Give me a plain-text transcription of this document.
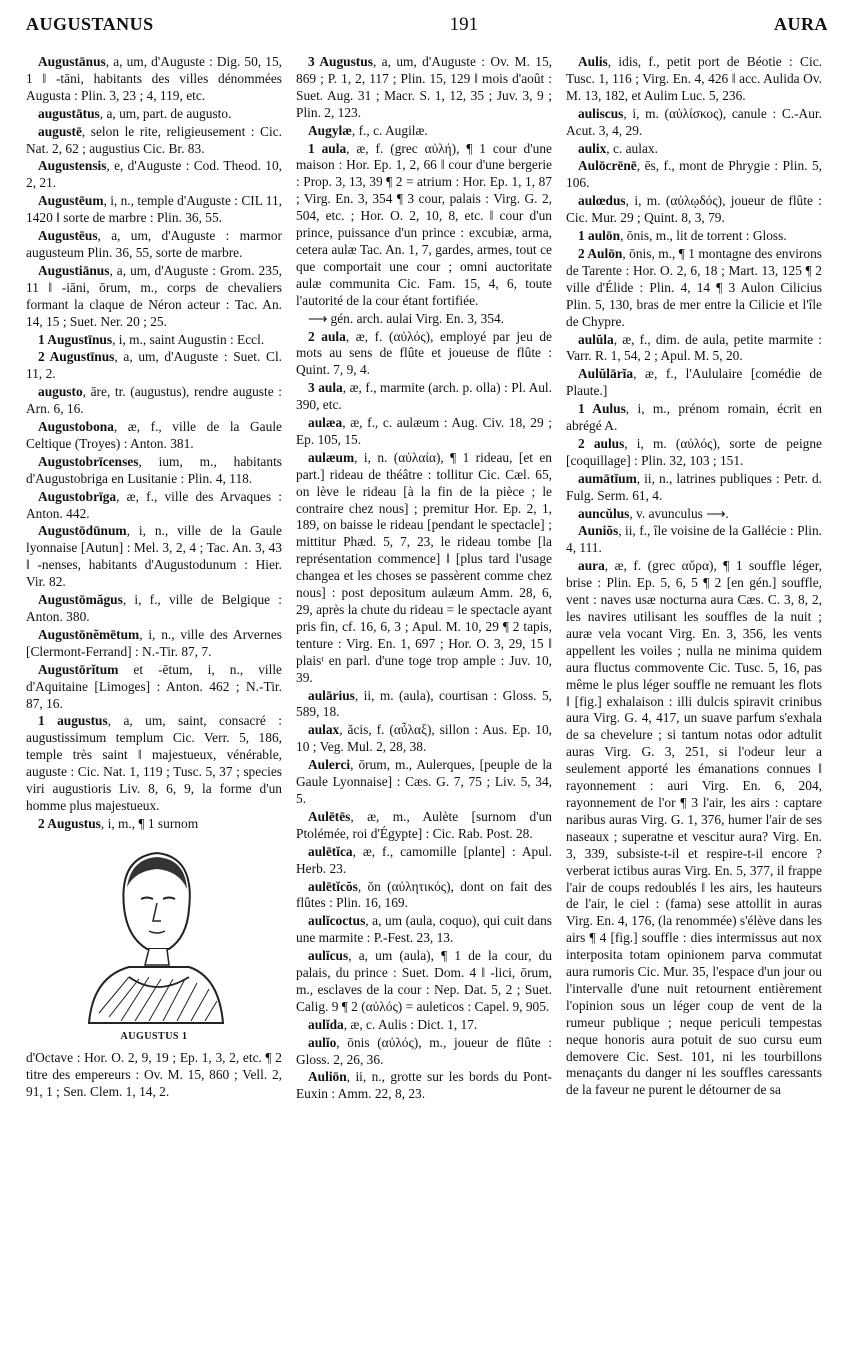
AUGUSTANUS	191	AURA

Augustānus, a, um, d'Auguste : Dig. 50, 15, 1 ‖ -tāni, habitants des villes dénommées Augusta : Plin. 3, 23 ; 4, 119, etc.

augustātus, a, um, part. de augusto.

augustē, selon le rite, religieusement : Cic. Nat. 2, 62 ; augustius Cic. Br. 83.

Augustensis, e, d'Auguste : Cod. Theod. 10, 2, 21.

Augustēum, i, n., temple d'Auguste : CIL 11, 1420 ‖ sorte de marbre : Plin. 36, 55.

Augustēus, a, um, d'Auguste : marmor augusteum Plin. 36, 55, sorte de marbre.

Augustiānus, a, um, d'Auguste : Grom. 235, 11 ‖ -iāni, ōrum, m., corps de chevaliers formant la claque de Néron acteur : Tac. An. 14, 15 ; Suet. Ner. 20 ; 25.

1 Augustīnus, i, m., saint Augustin : Eccl.

2 Augustīnus, a, um, d'Auguste : Suet. Cl. 11, 2.

augusto, āre, tr. (augustus), rendre auguste : Arn. 6, 16.

Augustobona, æ, f., ville de la Gaule Celtique (Troyes) : Anton. 381.

Augustobrīcenses, ium, m., habitants d'Augustobriga en Lusitanie : Plin. 4, 118.

Augustobrīga, æ, f., ville des Arvaques : Anton. 442.

Augustōdūnum, i, n., ville de la Gaule lyonnaise [Autun] : Mel. 3, 2, 4 ; Tac. An. 3, 43 ‖ -nenses, habitants d'Augustodunum : Hier. Vir. 82.

Augustōmăgus, i, f., ville de Belgique : Anton. 380.

Augustōnĕmētum, i, n., ville des Arvernes [Clermont-Ferrand] : N.-Tir. 87, 7.

Augustōrĭtum et -ētum, i, n., ville d'Aquitaine [Limoges] : Anton. 462 ; N.-Tir. 87, 16.

1 augustus, a, um, saint, consacré : augustissimum templum Cic. Verr. 5, 186, temple très saint ‖ majestueux, vénérable, auguste : Cic. Nat. 1, 119 ; Tusc. 5, 37 ; species viri augustioris Liv. 8, 6, 9, la forme d'un homme plus majestueux.

2 Augustus, i, m., ¶ 1 surnom

AUGUSTUS 1

d'Octave : Hor. O. 2, 9, 19 ; Ep. 1, 3, 2, etc. ¶ 2 titre des empereurs : Ov. M. 15, 860 ; Vell. 2, 91, 1 ; Sen. Clem. 1, 14, 2.

3 Augustus, a, um, d'Auguste : Ov. M. 15, 869 ; P. 1, 2, 117 ; Plin. 15, 129 ‖ mois d'août : Suet. Aug. 31 ; Macr. S. 1, 12, 35 ; Juv. 3, 9 ; Plin. 2, 123.

Augylæ, f., c. Augilæ.

1 aula, æ, f. (grec αὐλή), ¶ 1 cour d'une maison : Hor. Ep. 1, 2, 66 ‖ cour d'une bergerie : Prop. 3, 13, 39 ¶ 2 = atrium : Hor. Ep. 1, 1, 87 ; Virg. En. 3, 354 ¶ 3 cour, palais : Virg. G. 2, 504, etc. ; Hor. O. 2, 10, 8, etc. ‖ cour d'un prince, puissance d'un prince : excubiæ, arma, cetera aulæ Tac. An. 1, 7, gardes, armes, tout ce que comportait une cour ; omni auctoritate aulæ communita Cic. Fam. 15, 4, 6, toute l'autorité de la cour étant fortifiée.

⟶ gén. arch. aulai Virg. En. 3, 354.

2 aula, æ, f. (αὐλός), employé par jeu de mots au sens de flûte et joueuse de flûte : Quint. 7, 9, 4.

3 aula, æ, f., marmite (arch. p. olla) : Pl. Aul. 390, etc.

aulæa, æ, f., c. aulæum : Aug. Civ. 18, 29 ; Ep. 105, 15.

aulæum, i, n. (αὐλαία), ¶ 1 rideau, [et en part.] rideau de théâtre : tollitur Cic. Cæl. 65, on lève le rideau [à la fin de la pièce ; le contraire chez nous] ; premitur Hor. Ep. 2, 1, 189, on baisse le rideau [pendant le spectacle] ; mittitur Phæd. 5, 7, 23, le rideau tombe [la représentation commence] ‖ [plus tard l'usage changea et les choses se passèrent comme chez nous] : post depositum aulæum Amm. 28, 6, 29, après la chute du rideau = le spectacle ayant pris fin, cf. 16, 6, 3 ; Apul. M. 10, 29 ¶ 2 tapis, tenture : Virg. En. 1, 697 ; Hor. O. 3, 29, 15 ‖ plaisᵗ en parl. d'une toge trop ample : Juv. 10, 39.

aulārius, ii, m. (aula), courtisan : Gloss. 5, 589, 18.

aulax, ăcis, f. (αὖλαξ), sillon : Aus. Ep. 10, 10 ; Veg. Mul. 2, 28, 38.

Aulerci, ōrum, m., Aulerques, [peuple de la Gaule Lyonnaise] : Cæs. G. 7, 75 ; Liv. 5, 34, 5.

Aulētēs, æ, m., Aulète [surnom d'un Ptolémée, roi d'Égypte] : Cic. Rab. Post. 28.

aulētĭca, æ, f., camomille [plante] : Apul. Herb. 23.

aulētĭcŏs, ŏn (αὐλητικός), dont on fait des flûtes : Plin. 16, 169.

aulĭcoctus, a, um (aula, coquo), qui cuit dans une marmite : P.-Fest. 23, 13.

aulĭcus, a, um (aula), ¶ 1 de la cour, du palais, du prince : Suet. Dom. 4 ‖ -lici, ōrum, m., esclaves de la cour : Nep. Dat. 5, 2 ; Suet. Calig. 9 ¶ 2 (αὐλός) = auleticos : Capel. 9, 905.

aulĭda, æ, c. Aulis : Dict. 1, 17.

aulĭo, ōnis (αὐλός), m., joueur de flûte : Gloss. 2, 26, 36.

Auliōn, ii, n., grotte sur les bords du Pont-Euxin : Amm. 22, 8, 23.

Aulis, idis, f., petit port de Béotie : Cic. Tusc. 1, 116 ; Virg. En. 4, 426 ‖ acc. Aulida Ov. M. 13, 182, et Aulim Luc. 5, 236.

auliscus, i, m. (αὐλίσκος), canule : C.-Aur. Acut. 3, 4, 29.

aulix, c. aulax.

Aulōcrēnē, ēs, f., mont de Phrygie : Plin. 5, 106.

aulœdus, i, m. (αὐλῳδός), joueur de flûte : Cic. Mur. 29 ; Quint. 8, 3, 79.

1 aulōn, ōnis, m., lit de torrent : Gloss.

2 Aulōn, ōnis, m., ¶ 1 montagne des environs de Tarente : Hor. O. 2, 6, 18 ; Mart. 13, 125 ¶ 2 ville d'Élide : Plin. 4, 14 ¶ 3 Aulon Cilicius Plin. 5, 130, bras de mer entre la Cilicie et l'île de Chypre.

aulŭla, æ, f., dim. de aula, petite marmite : Varr. R. 1, 54, 2 ; Apul. M. 5, 20.

Aulŭlārĭa, æ, f., l'Aululaire [comédie de Plaute.]

1 Aulus, i, m., prénom romain, écrit en abrégé A.

2 aulus, i, m. (αὐλός), sorte de peigne [coquillage] : Plin. 32, 103 ; 151.

aumātĭum, ii, n., latrines publiques : Petr. d. Fulg. Serm. 61, 4.

auncŭlus, v. avunculus ⟶.

Auniŏs, ii, f., île voisine de la Gallécie : Plin. 4, 111.

aura, æ, f. (grec αὔρα), ¶ 1 souffle léger, brise : Plin. Ep. 5, 6, 5 ¶ 2 [en gén.] souffle, vent : naves usæ nocturna aura Cæs. C. 3, 8, 2, les navires utilisant les souffles de la nuit ; auræ vela vocant Virg. En. 3, 356, les vents appellent les voiles ; nulla ne minima quidem aura fluctus commovente Cic. Tusc. 5, 16, pas même le plus léger souffle ne remuant les flots ‖ [fig.] exhalaison : illi dulcis spiravit crinibus aura Virg. G. 4, 417, un suave parfum s'exhala de sa chevelure ; si tantum notas odor adtulit auras Virg. G. 3, 251, si l'odeur leur a seulement apporté les émanations connues ‖ rayonnement : auri Virg. En. 6, 204, rayonnement de l'or ¶ 3 l'air, les airs : captare naribus auras Virg. G. 1, 376, humer l'air de ses naseaux ; superatne et vescitur aura? Virg. En. 3, 339, subsiste-t-il et respire-t-il encore ? verberat ictibus auras Virg. En. 5, 377, il frappe l'air de coups redoublés ‖ les airs, les hauteurs de l'air, le ciel : (fama) sese attollit in auras Virg. En. 4, 176, (la renommée) s'élève dans les airs ¶ 4 [fig.] souffle : dies intermissus aut nox interposita totam opinionem parva commutat aura rumoris Cic. Mur. 35, l'espace d'un jour ou l'intervalle d'une nuit retournent entièrement l'opinion sous un léger coup de vent de la rumeur publique ; neque periculi tempestas neque honoris aura potuit de suo cursu eum demovere Cic. Sest. 101, ni les tourbillons menaçants du danger ni les souffles caressants de la faveur ne purent le détourner de sa
